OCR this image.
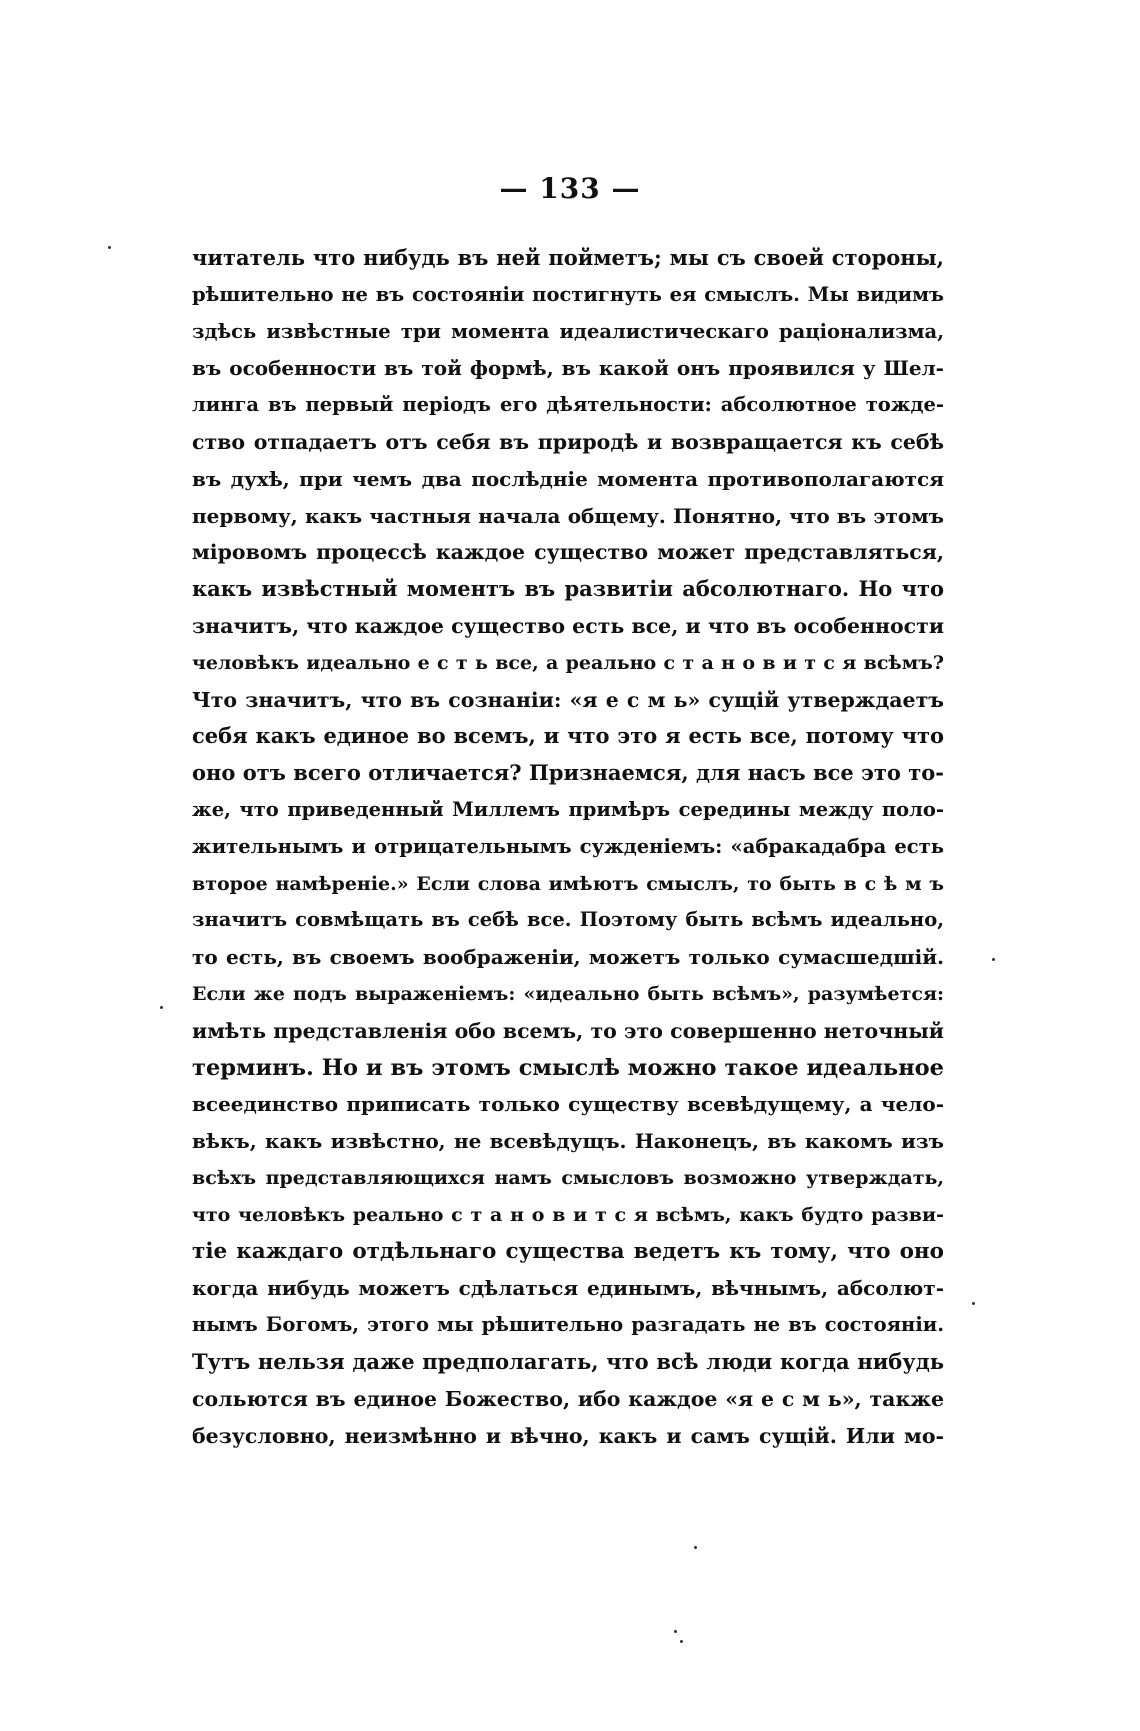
— 133 —
читатель что нибудь въ ней пойметъ; мы съ своей стороны,
рѣшительно не въ состояніи постигнуть ея смыслъ. Мы видимъ
здѣсь извѣстные три момента идеалистическаго раціонализма,
въ особенности въ той формѣ, въ какой онъ проявился у Шел-
линга въ первый періодъ его дѣятельности: абсолютное тожде-
ство отпадаетъ отъ себя въ природѣ и возвращается къ себѣ
въ духѣ, при чемъ два послѣдніе момента противополагаются
первому, какъ частныя начала общему. Понятно, что въ этомъ
міровомъ процессѣ каждое существо может представляться,
какъ извѣстный моментъ въ развитіи абсолютнаго. Но что
значитъ, что каждое существо есть все, и что въ особенности
человѣкъ идеально е с т ь все, а реально с т а н о в и т с я всѣмъ?
Что значитъ, что въ сознаніи: «я е с м ь» сущій утверждаетъ
себя какъ единое во всемъ, и что это я есть все, потому что
оно отъ всего отличается? Признаемся, для насъ все это то-
же, что приведенный Миллемъ примѣръ середины между поло-
жительнымъ и отрицательнымъ сужденіемъ: «абракадабра есть
второе намѣреніе.» Если слова имѣютъ смыслъ, то быть в с ѣ м ъ
значитъ совмѣщать въ себѣ все. Поэтому быть всѣмъ идеально,
то есть, въ своемъ воображеніи, можетъ только сумасшедшій.
Если же подъ выраженіемъ: «идеально быть всѣмъ», разумѣется:
имѣть представленія обо всемъ, то это совершенно неточный
терминъ. Но и въ этомъ смыслѣ можно такое идеальное
всеединство приписать только существу всевѣдущему, а чело-
вѣкъ, какъ извѣстно, не всевѣдущъ. Наконецъ, въ какомъ изъ
всѣхъ представляющихся намъ смысловъ возможно утверждать,
что человѣкъ реально с т а н о в и т с я всѣмъ, какъ будто разви-
тіе каждаго отдѣльнаго существа ведетъ къ тому, что оно
когда нибудь можетъ сдѣлаться единымъ, вѣчнымъ, абсолют-
нымъ Богомъ, этого мы рѣшительно разгадать не въ состояніи.
Тутъ нельзя даже предполагать, что всѣ люди когда нибудь
сольются въ единое Божество, ибо каждое «я е с м ь», также
безусловно, неизмѣнно и вѣчно, какъ и самъ сущій. Или мо-
